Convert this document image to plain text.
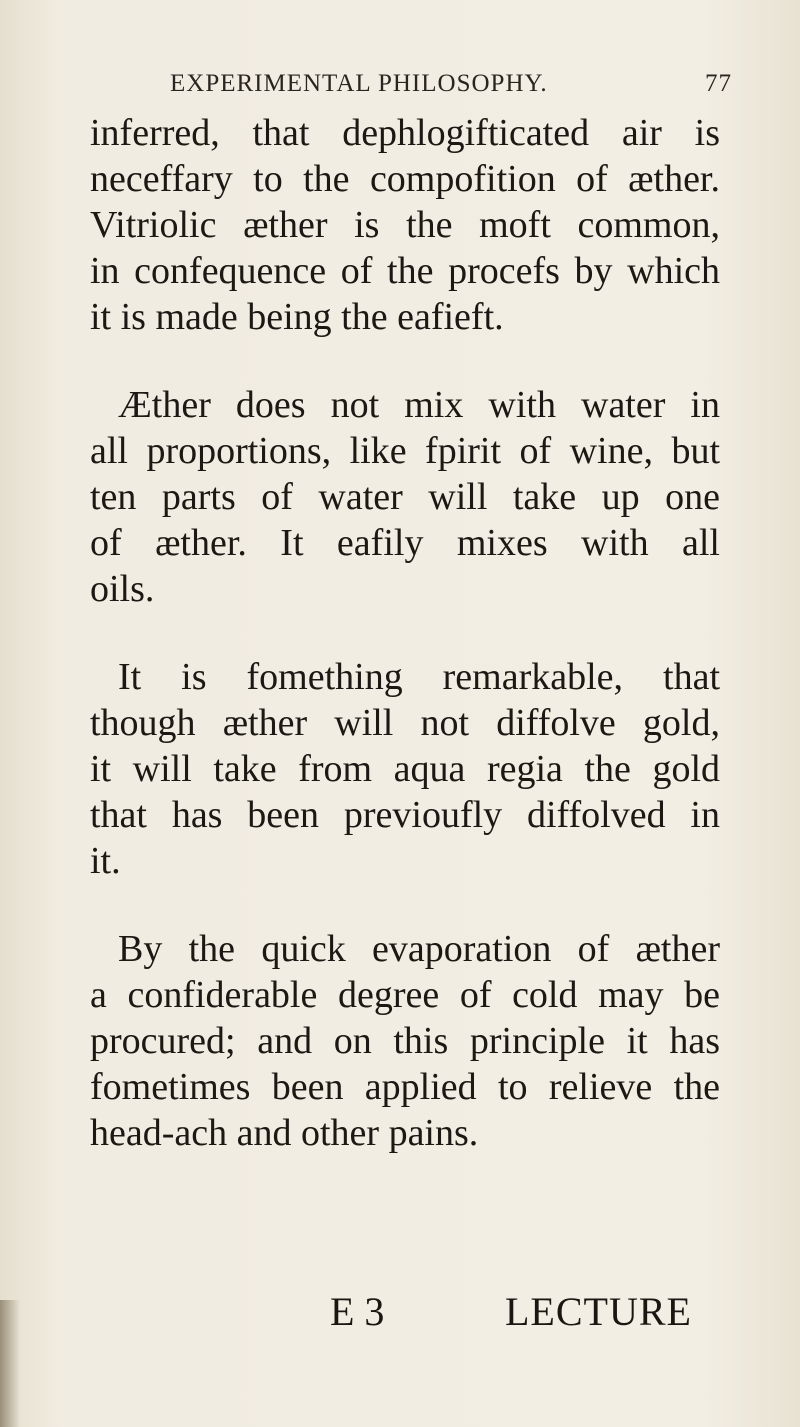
EXPERIMENTAL PHILOSOPHY.	77
inferred, that dephlogifticated air is
neceffary to the compofition of æther.
Vitriolic æther is the moft common,
in confequence of the procefs by which
it is made being the eafieft.
Æther does not mix with water in
all proportions, like fpirit of wine, but
ten parts of water will take up one
of æther. It eafily mixes with all
oils.
It is fomething remarkable, that
though æther will not diffolve gold,
it will take from aqua regia the gold
that has been previoufly diffolved in
it.
By the quick evaporation of æther
a confiderable degree of cold may be
procured; and on this principle it has
fometimes been applied to relieve the
head-ach and other pains.
E 3	LECTURE
